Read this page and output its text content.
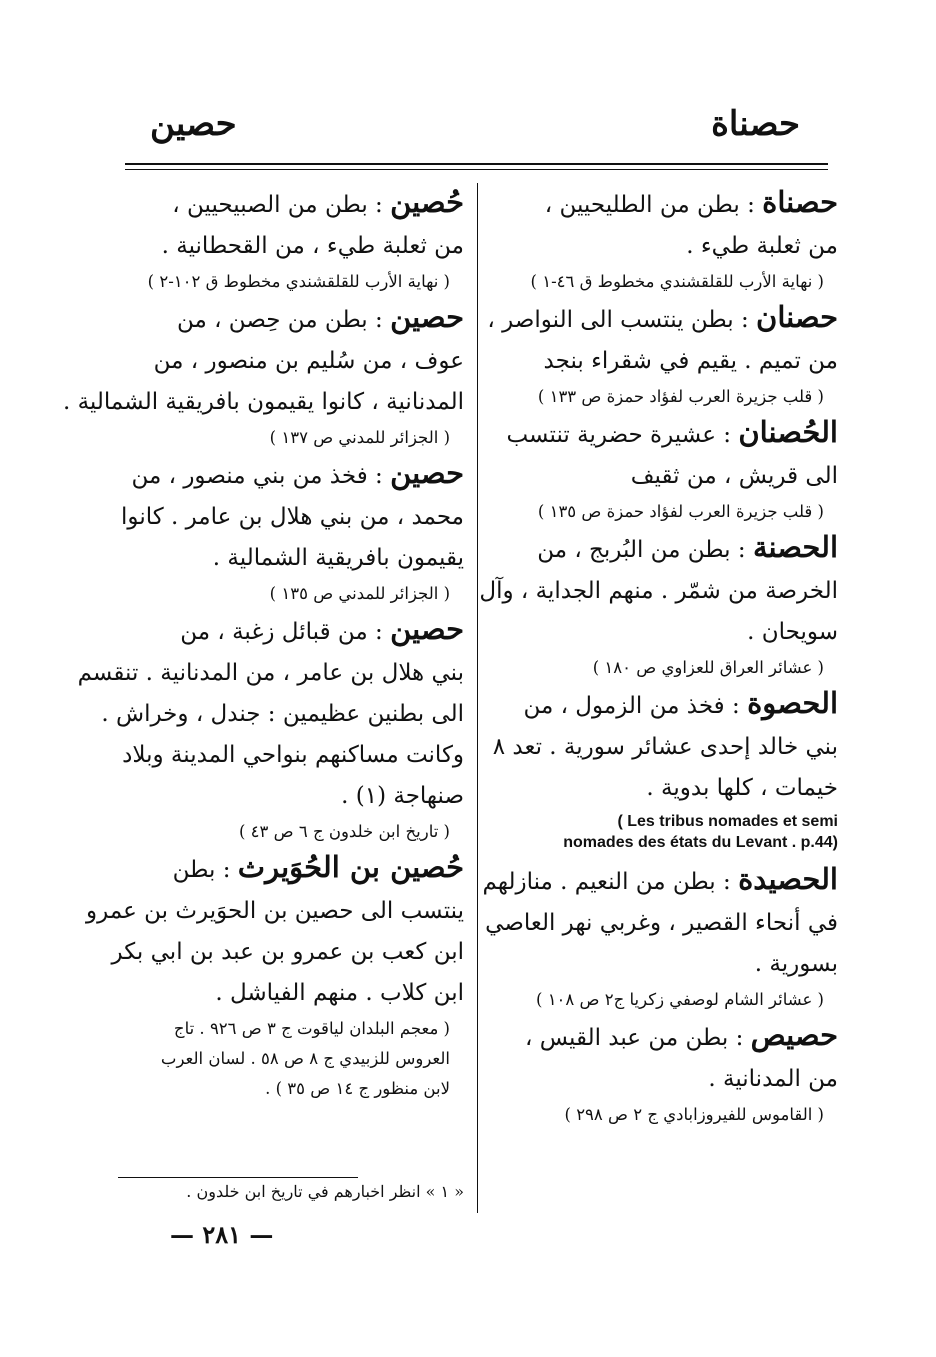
حصناة
حصين
حصناة : بطن من الطليحيين ،
من ثعلبة طيء .
( نهاية الأرب للقلقشندي مخطوط ق ٤٦-١ )
حصنان : بطن ينتسب الى النواصر ،
من تميم . يقيم في شقراء بنجد
( قلب جزيرة العرب لفؤاد حمزة ص ١٣٣ )
الحُصنان : عشيرة حضرية تنتسب
الى قريش ، من ثقيف
( قلب جزيرة العرب لفؤاد حمزة ص ١٣٥ )
الحصنة : بطن من البُربج ، من
الخرصة من شمّر . منهم الجداية ، وآل
سويحان .
( عشائر العراق للعزاوي ص ١٨٠ )
الحصوة : فخذ من الزمول ، من
بني خالد إحدى عشائر سورية . تعد ٨
خيمات ، كلها بدوية .
( Les tribus nomades et semi
nomades des états du Levant . p.44)
الحصيدة : بطن من النعيم . منازلهم
في أنحاء القصير ، وغربي نهر العاصي
بسورية .
( عشائر الشام لوصفي زكريا ج٢ ص ١٠٨ )
حصيص : بطن من عبد القيس ،
من المدنانية .
( القاموس للفيروزابادي ج ٢ ص ٢٩٨ )
حُصين : بطن من الصبيحيين ،
من ثعلبة طيء ، من القحطانية .
( نهاية الأرب للقلقشندي مخطوط ق ١٠٢-٢ )
حصين : بطن من حِصن ، من
عوف ، من سُليم بن منصور ، من
المدنانية ، كانوا يقيمون بافريقية الشمالية .
( الجزائر للمدني ص ١٣٧ )
حصين : فخذ من بني منصور ، من
محمد ، من بني هلال بن عامر . كانوا
يقيمون بافريقية الشمالية .
( الجزائر للمدني ص ١٣٥ )
حصين : من قبائل زغبة ، من
بني هلال بن عامر ، من المدنانية . تنقسم
الى بطنين عظيمين : جندل ، وخراش .
وكانت مساكنهم بنواحي المدينة وبلاد
صنهاجة (١) .
( تاريخ ابن خلدون ج ٦ ص ٤٣ )
حُصين بن الحُوَيرث : بطن
ينتسب الى حصين بن الحوَيرث بن عمرو
ابن كعب بن عمرو بن عبد بن ابي بكر
ابن كلاب . منهم الفياشل .
( معجم البلدان لياقوت ج ٣ ص ٩٢٦ . تاج
العروس للزبيدي ج ٨ ص ٥٨ . لسان العرب
لابن منظور ج ١٤ ص ٣٥ ) .
« ١ » انظر اخبارهم في تاريخ ابن خلدون .
— ٢٨١ —
